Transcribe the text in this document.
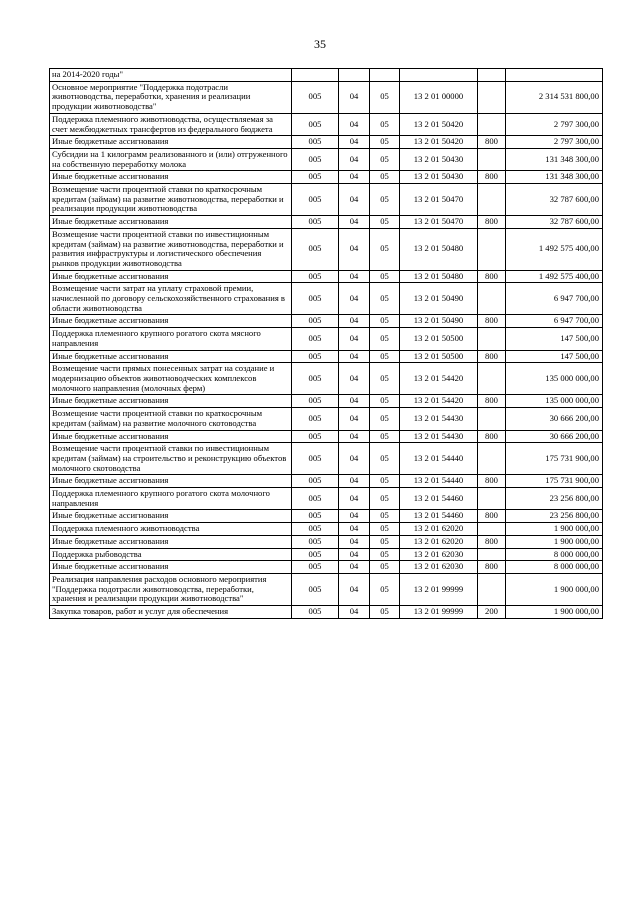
35
на 2014-2020 годы"						
Основное мероприятие "Поддержка подотрасли животноводства, переработки, хранения и реализации продукции животноводства"	005	04	05	13 2 01 00000		2 314 531 800,00
Поддержка племенного животноводства, осуществляемая за счет межбюджетных трансфертов из федерального бюджета	005	04	05	13 2 01 50420		2 797 300,00
Иные бюджетные ассигнования	005	04	05	13 2 01 50420	800	2 797 300,00
Субсидии на 1 килограмм реализованного и (или) отгруженного на собственную переработку молока	005	04	05	13 2 01 50430		131 348 300,00
Иные бюджетные ассигнования	005	04	05	13 2 01 50430	800	131 348 300,00
Возмещение части процентной ставки по краткосрочным кредитам (займам) на развитие животноводства, переработки и реализации продукции животноводства	005	04	05	13 2 01 50470		32 787 600,00
Иные бюджетные ассигнования	005	04	05	13 2 01 50470	800	32 787 600,00
Возмещение части процентной ставки по инвестиционным кредитам (займам) на развитие животноводства, переработки и развития инфраструктуры и логистического обеспечения рынков продукции животноводства	005	04	05	13 2 01 50480		1 492 575 400,00
Иные бюджетные ассигнования	005	04	05	13 2 01 50480	800	1 492 575 400,00
Возмещение части затрат на уплату страховой премии, начисленной по договору сельскохозяйственного страхования в области животноводства	005	04	05	13 2 01 50490		6 947 700,00
Иные бюджетные ассигнования	005	04	05	13 2 01 50490	800	6 947 700,00
Поддержка племенного крупного рогатого скота мясного направления	005	04	05	13 2 01 50500		147 500,00
Иные бюджетные ассигнования	005	04	05	13 2 01 50500	800	147 500,00
Возмещение части прямых понесенных затрат на создание и модернизацию объектов животноводческих комплексов молочного направления (молочных ферм)	005	04	05	13 2 01 54420		135 000 000,00
Иные бюджетные ассигнования	005	04	05	13 2 01 54420	800	135 000 000,00
Возмещение части процентной ставки по краткосрочным кредитам (займам) на развитие молочного скотоводства	005	04	05	13 2 01 54430		30 666 200,00
Иные бюджетные ассигнования	005	04	05	13 2 01 54430	800	30 666 200,00
Возмещение части процентной ставки по инвестиционным кредитам (займам) на строительство и реконструкцию объектов молочного скотоводства	005	04	05	13 2 01 54440		175 731 900,00
Иные бюджетные ассигнования	005	04	05	13 2 01 54440	800	175 731 900,00
Поддержка племенного крупного рогатого скота молочного направления	005	04	05	13 2 01 54460		23 256 800,00
Иные бюджетные ассигнования	005	04	05	13 2 01 54460	800	23 256 800,00
Поддержка племенного животноводства	005	04	05	13 2 01 62020		1 900 000,00
Иные бюджетные ассигнования	005	04	05	13 2 01 62020	800	1 900 000,00
Поддержка рыбоводства	005	04	05	13 2 01 62030		8 000 000,00
Иные бюджетные ассигнования	005	04	05	13 2 01 62030	800	8 000 000,00
Реализация направления расходов основного мероприятия "Поддержка подотрасли животноводства, переработки, хранения и реализации продукции животноводства"	005	04	05	13 2 01 99999		1 900 000,00
Закупка товаров, работ и услуг для обеспечения	005	04	05	13 2 01 99999	200	1 900 000,00
